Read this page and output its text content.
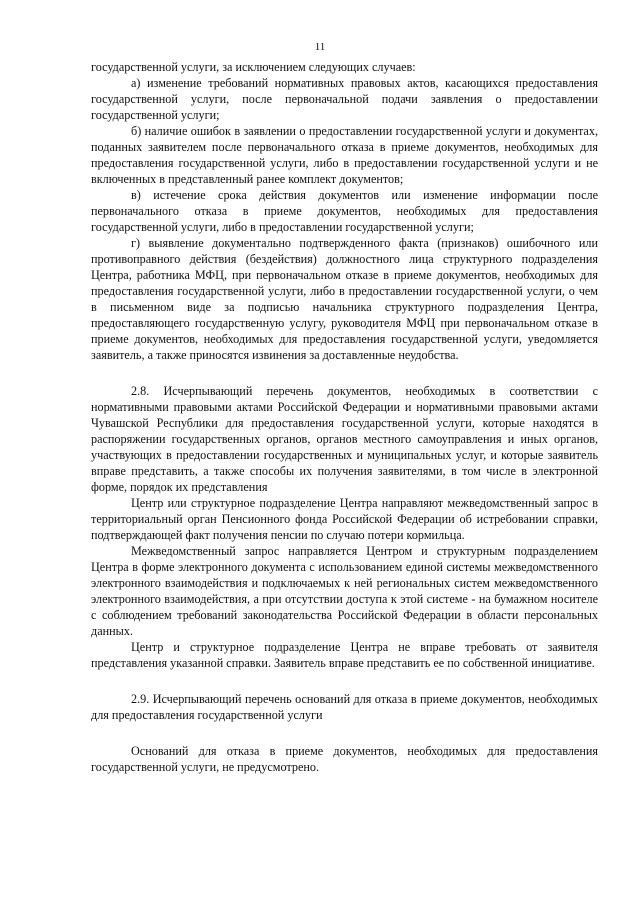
11

государственной услуги, за исключением следующих случаев:

а) изменение требований нормативных правовых актов, касающихся предоставления государственной услуги, после первоначальной подачи заявления о предоставлении государственной услуги;

б) наличие ошибок в заявлении о предоставлении государственной услуги и документах, поданных заявителем после первоначального отказа в приеме документов, необходимых для предоставления государственной услуги, либо в предоставлении государственной услуги и не включенных в представленный ранее комплект документов;

в) истечение срока действия документов или изменение информации после первоначального отказа в приеме документов, необходимых для предоставления государственной услуги, либо в предоставлении государственной услуги;

г) выявление документально подтвержденного факта (признаков) ошибочного или противоправного действия (бездействия) должностного лица структурного подразделения Центра, работника МФЦ, при первоначальном отказе в приеме документов, необходимых для предоставления государственной услуги, либо в предоставлении государственной услуги, о чем в письменном виде за подписью начальника структурного подразделения Центра, предоставляющего государственную услугу, руководителя МФЦ при первоначальном отказе в приеме документов, необходимых для предоставления государственной услуги, уведомляется заявитель, а также приносятся извинения за доставленные неудобства.

2.8. Исчерпывающий перечень документов, необходимых в соответствии с нормативными правовыми актами Российской Федерации и нормативными правовыми актами Чувашской Республики для предоставления государственной услуги, которые находятся в распоряжении государственных органов, органов местного самоуправления и иных органов, участвующих в предоставлении государственных и муниципальных услуг, и которые заявитель вправе представить, а также способы их получения заявителями, в том числе в электронной форме, порядок их представления

Центр или структурное подразделение Центра направляют межведомственный запрос в территориальный орган Пенсионного фонда Российской Федерации об истребовании справки, подтверждающей факт получения пенсии по случаю потери кормильца.

Межведомственный запрос направляется Центром и структурным подразделением Центра в форме электронного документа с использованием единой системы межведомственного электронного взаимодействия и подключаемых к ней региональных систем межведомственного электронного взаимодействия, а при отсутствии доступа к этой системе - на бумажном носителе с соблюдением требований законодательства Российской Федерации в области персональных данных.

Центр и структурное подразделение Центра не вправе требовать от заявителя представления указанной справки. Заявитель вправе представить ее по собственной инициативе.

2.9. Исчерпывающий перечень оснований для отказа в приеме документов, необходимых для предоставления государственной услуги

Оснований для отказа в приеме документов, необходимых для предоставления государственной услуги, не предусмотрено.
